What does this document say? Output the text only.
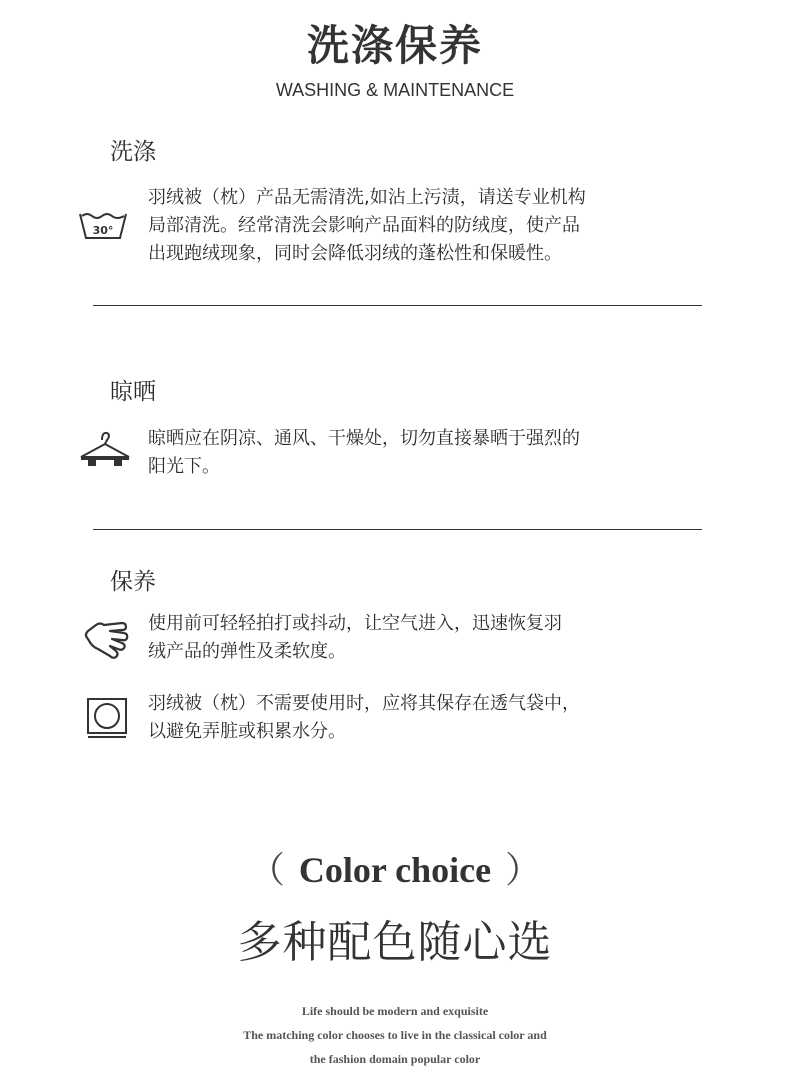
洗涤保养
WASHING & MAINTENANCE
洗涤
30°
羽绒被（枕）产品无需清洗,如沾上污渍，请送专业机构
局部清洗。经常清洗会影响产品面料的防绒度，使产品
出现跑绒现象，同时会降低羽绒的蓬松性和保暖性。
晾晒
晾晒应在阴凉、通风、干燥处，切勿直接暴晒于强烈的
阳光下。
保养
使用前可轻轻拍打或抖动，让空气进入，迅速恢复羽
绒产品的弹性及柔软度。
羽绒被（枕）不需要使用时，应将其保存在透气袋中，
以避免弄脏或积累水分。
（ Color choice ）
多种配色随心选
Life should be modern and exquisite
The matching color chooses to live in the classical color and
the fashion domain popular color
